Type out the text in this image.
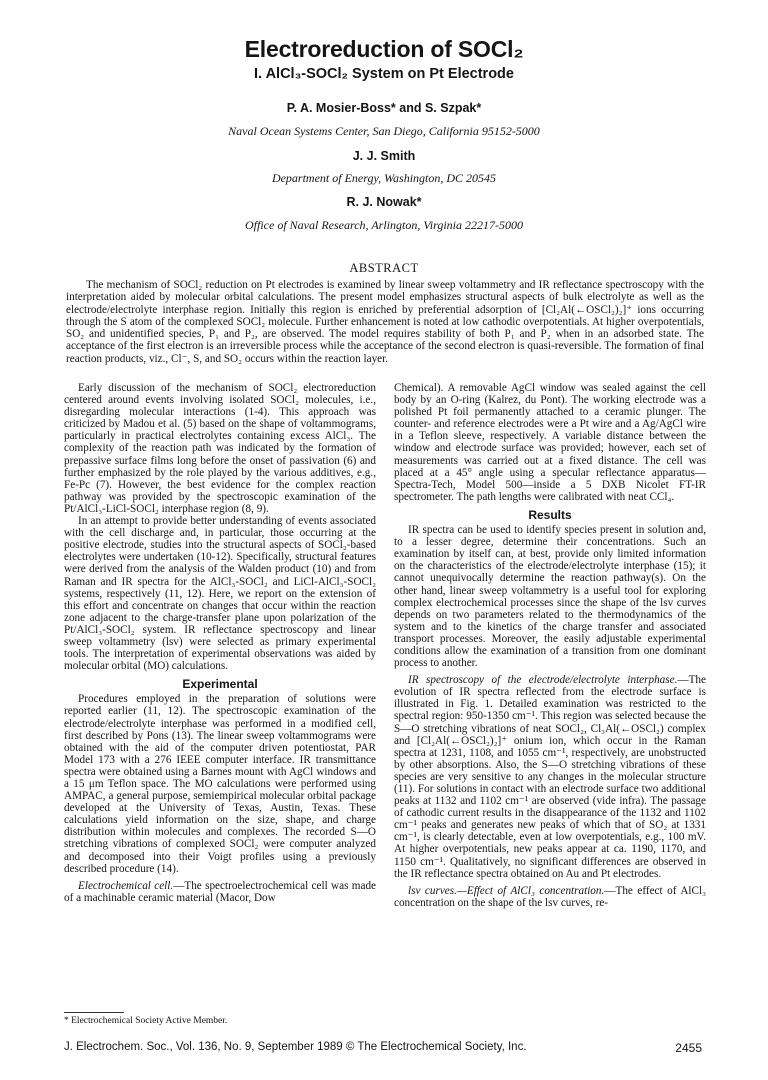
Electroreduction of SOCl₂
I. AlCl₃-SOCl₂ System on Pt Electrode
P. A. Mosier-Boss* and S. Szpak*
Naval Ocean Systems Center, San Diego, California 95152-5000
J. J. Smith
Department of Energy, Washington, DC 20545
R. J. Nowak*
Office of Naval Research, Arlington, Virginia 22217-5000
ABSTRACT

The mechanism of SOCl₂ reduction on Pt electrodes is examined by linear sweep voltammetry and IR reflectance spectroscopy with the interpretation aided by molecular orbital calculations. The present model emphasizes structural aspects of bulk electrolyte as well as the electrode/electrolyte interphase region. Initially this region is enriched by preferential adsorption of [Cl₂Al(←OSCl₂)₂]⁺ ions occurring through the S atom of the complexed SOCl₂ molecule. Further enhancement is noted at low cathodic overpotentials. At higher overpotentials, SO₂ and unidentified species, P₁ and P₂, are observed. The model requires stability of both P₁ and P₂ when in an adsorbed state. The acceptance of the first electron is an irreversible process while the acceptance of the second electron is quasi-reversible. The formation of final reaction products, viz., Cl⁻, S, and SO₂ occurs within the reaction layer.

Early discussion of the mechanism of SOCl₂ electroreduction centered around events involving isolated SOCl₂ molecules, i.e., disregarding molecular interactions (1-4). This approach was criticized by Madou et al. (5) based on the shape of voltammograms, particularly in practical electrolytes containing excess AlCl₃. The complexity of the reaction path was indicated by the formation of prepassive surface films long before the onset of passivation (6) and further emphasized by the role played by the various additives, e.g., Fe-Pc (7). However, the best evidence for the complex reaction pathway was provided by the spectroscopic examination of the Pt/AlCl₃-LiCl-SOCl₂ interphase region (8, 9).

In an attempt to provide better understanding of events associated with the cell discharge and, in particular, those occurring at the positive electrode, studies into the structural aspects of SOCl₂-based electrolytes were undertaken (10-12). Specifically, structural features were derived from the analysis of the Walden product (10) and from Raman and IR spectra for the AlCl₃-SOCl₂ and LiCl-AlCl₃-SOCl₂ systems, respectively (11, 12). Here, we report on the extension of this effort and concentrate on changes that occur within the reaction zone adjacent to the charge-transfer plane upon polarization of the Pt/AlCl₃-SOCl₂ system. IR reflectance spectroscopy and linear sweep voltammetry (lsv) were selected as primary experimental tools. The interpretation of experimental observations was aided by molecular orbital (MO) calculations.

Experimental

Procedures employed in the preparation of solutions were reported earlier (11, 12). The spectroscopic examination of the electrode/electrolyte interphase was performed in a modified cell, first described by Pons (13). The linear sweep voltammograms were obtained with the aid of the computer driven potentiostat, PAR Model 173 with a 276 IEEE computer interface. IR transmittance spectra were obtained using a Barnes mount with AgCl windows and a 15 μm Teflon space. The MO calculations were performed using AMPAC, a general purpose, semiempirical molecular orbital package developed at the University of Texas, Austin, Texas. These calculations yield information on the size, shape, and charge distribution within molecules and complexes. The recorded S—O stretching vibrations of complexed SOCl₂ were computer analyzed and decomposed into their Voigt profiles using a previously described procedure (14).

Electrochemical cell.—The spectroelectrochemical cell was made of a machinable ceramic material (Macor, Dow

Chemical). A removable AgCl window was sealed against the cell body by an O-ring (Kalrez, du Pont). The working electrode was a polished Pt foil permanently attached to a ceramic plunger. The counter- and reference electrodes were a Pt wire and a Ag/AgCl wire in a Teflon sleeve, respectively. A variable distance between the window and electrode surface was provided; however, each set of measurements was carried out at a fixed distance. The cell was placed at a 45° angle using a specular reflectance apparatus—Spectra-Tech, Model 500—inside a 5 DXB Nicolet FT-IR spectrometer. The path lengths were calibrated with neat CCl₄.

Results

IR spectra can be used to identify species present in solution and, to a lesser degree, determine their concentrations. Such an examination by itself can, at best, provide only limited information on the characteristics of the electrode/electrolyte interphase (15); it cannot unequivocally determine the reaction pathway(s). On the other hand, linear sweep voltammetry is a useful tool for exploring complex electrochemical processes since the shape of the lsv curves depends on two parameters related to the thermodynamics of the system and to the kinetics of the charge transfer and associated transport processes. Moreover, the easily adjustable experimental conditions allow the examination of a transition from one dominant process to another.

IR spectroscopy of the electrode/electrolyte interphase.—The evolution of IR spectra reflected from the electrode surface is illustrated in Fig. 1. Detailed examination was restricted to the spectral region: 950-1350 cm⁻¹. This region was selected because the S—O stretching vibrations of neat SOCl₂, Cl₃Al(←OSCl₂) complex and [Cl₂Al(←OSCl₂)₂]⁺ onium ion, which occur in the Raman spectra at 1231, 1108, and 1055 cm⁻¹, respectively, are unobstructed by other absorptions. Also, the S—O stretching vibrations of these species are very sensitive to any changes in the molecular structure (11). For solutions in contact with an electrode surface two additional peaks at 1132 and 1102 cm⁻¹ are observed (vide infra). The passage of cathodic current results in the disappearance of the 1132 and 1102 cm⁻¹ peaks and generates new peaks of which that of SO₂ at 1331 cm⁻¹, is clearly detectable, even at low overpotentials, e.g., 100 mV. At higher overpotentials, new peaks appear at ca. 1190, 1170, and 1150 cm⁻¹. Qualitatively, no significant differences are observed in the IR reflectance spectra obtained on Au and Pt electrodes.

lsv curves.—Effect of AlCl₃ concentration.—The effect of AlCl₃ concentration on the shape of the lsv curves, re-

* Electrochemical Society Active Member.
J. Electrochem. Soc., Vol. 136, No. 9, September 1989 © The Electrochemical Society, Inc.	2455
